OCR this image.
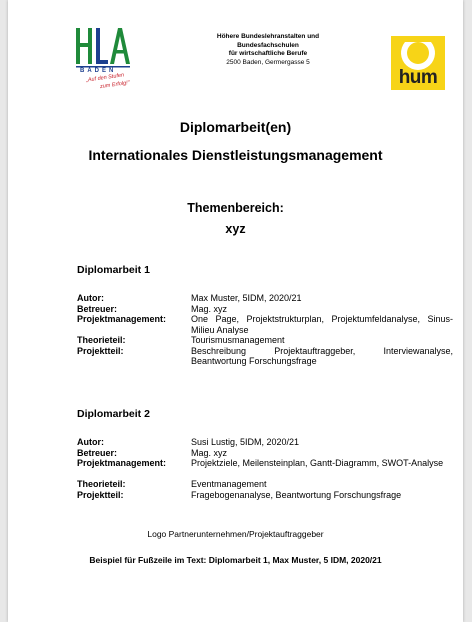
BADEN
„Auf den Stufen
zum Erfolg!"
Höhere Bundeslehranstalten und
Bundesfachschulen
für wirtschaftliche Berufe
2500 Baden, Germergasse 5
hum
Diplomarbeit(en)
Internationales Dienstleistungsmanagement
Themenbereich:
xyz
Diplomarbeit 1
Autor:	Max Muster, 5IDM, 2020/21
Betreuer:	Mag. xyz
Projektmanagement:	One Page, Projektstrukturplan, Projektumfeldanalyse, Sinus-Milieu Analyse
Theorieteil:	Tourismusmanagement
Projektteil:	Beschreibung Projektauftraggeber, Interviewanalyse, Beantwortung Forschungsfrage
Diplomarbeit 2
Autor:	Susi Lustig, 5IDM, 2020/21
Betreuer:	Mag. xyz
Projektmanagement:	Projektziele, Meilensteinplan, Gantt-Diagramm, SWOT-Analyse
Theorieteil:	Eventmanagement
Projektteil:	Fragebogenanalyse, Beantwortung Forschungsfrage
Logo Partnerunternehmen/Projektauftraggeber
Beispiel für Fußzeile im Text: Diplomarbeit 1, Max Muster, 5 IDM, 2020/21
